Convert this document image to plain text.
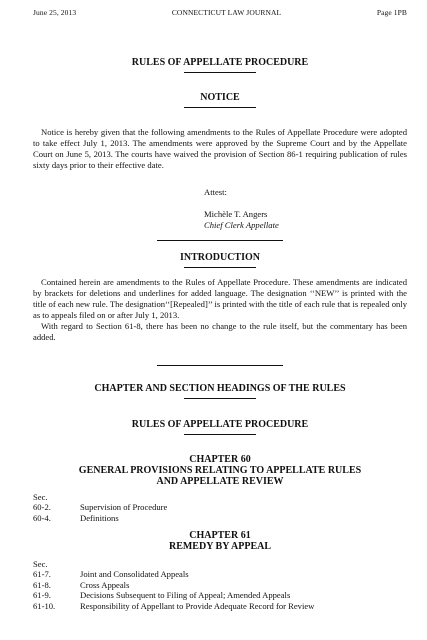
June 25, 2013	CONNECTICUT LAW JOURNAL	Page 1PB
RULES OF APPELLATE PROCEDURE
NOTICE

Notice is hereby given that the following amendments to the Rules of Appellate Procedure were adopted to take effect July 1, 2013. The amendments were approved by the Supreme Court and by the Appellate Court on June 5, 2013. The courts have waived the provision of Section 86-1 requiring publication of rules sixty days prior to their effective date.

Attest:
Michèle T. Angers
Chief Clerk Appellate
INTRODUCTION

Contained herein are amendments to the Rules of Appellate Procedure. These amendments are indicated by brackets for deletions and underlines for added language. The designation ‘‘NEW’’ is printed with the title of each new rule. The designation‘‘[Repealed]’’ is printed with the title of each rule that is repealed only as to appeals filed on or after July 1, 2013.

With regard to Section 61-8, there has been no change to the rule itself, but the commentary has been added.

CHAPTER AND SECTION HEADINGS OF THE RULES
RULES OF APPELLATE PROCEDURE
CHAPTER 60
GENERAL PROVISIONS RELATING TO APPELLATE RULES
AND APPELLATE REVIEW
Sec.
60-2.	Supervision of Procedure
60-4.	Definitions
CHAPTER 61
REMEDY BY APPEAL
Sec.
61-7.	Joint and Consolidated Appeals
61-8.	Cross Appeals
61-9.	Decisions Subsequent to Filing of Appeal; Amended Appeals
61-10.	Responsibility of Appellant to Provide Adequate Record for Review
